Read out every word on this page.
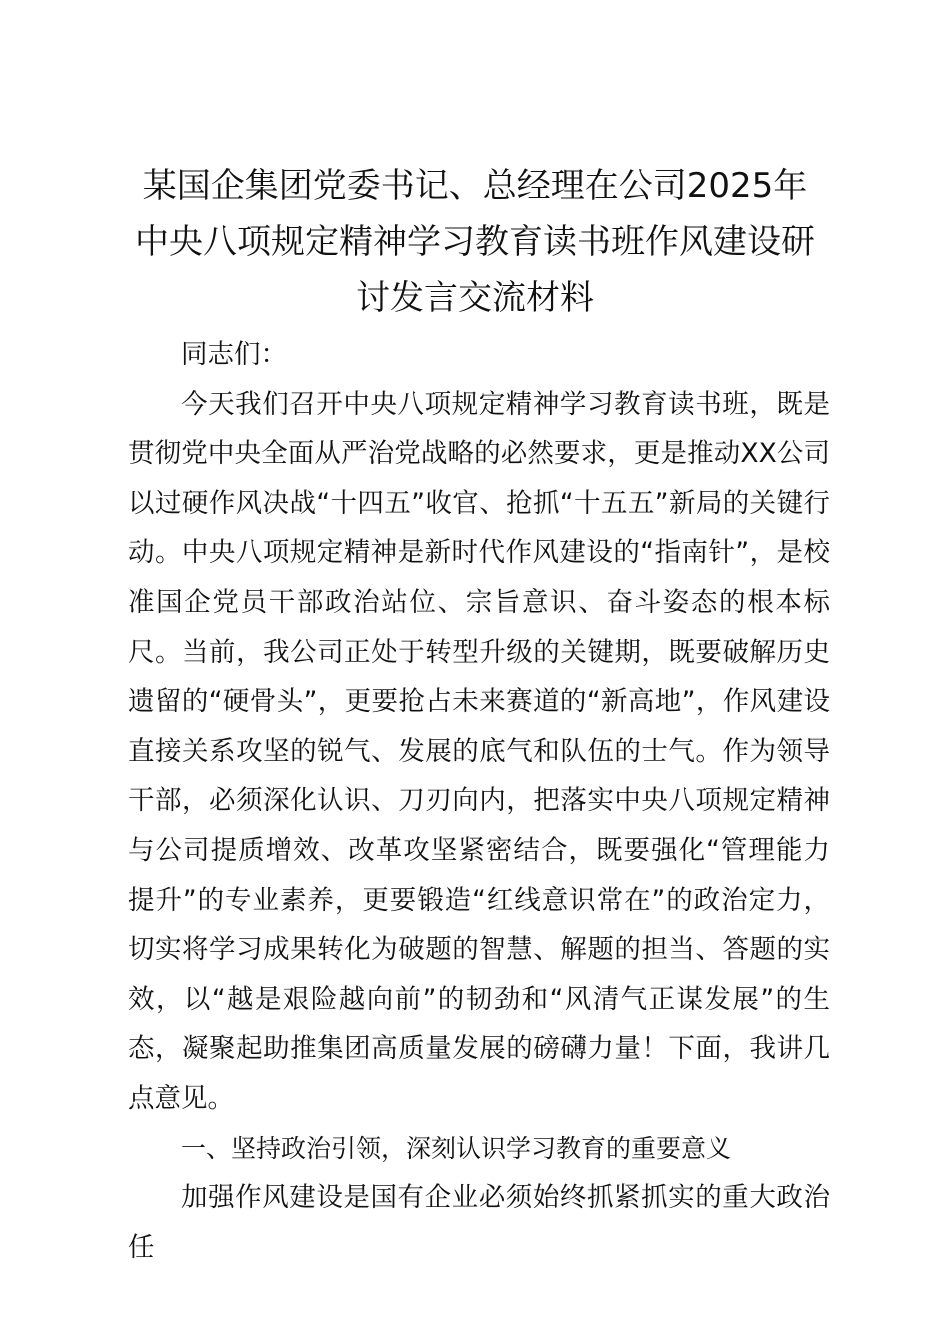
某国企集团党委书记、总经理在公司2025年
中央八项规定精神学习教育读书班作风建设研
讨发言交流材料

同志们：

今天我们召开中央八项规定精神学习教育读书班，既是贯彻党中央全面从严治党战略的必然要求，更是推动XX公司以过硬作风决战“十四五”收官、抢抓“十五五”新局的关键行动。中央八项规定精神是新时代作风建设的“指南针”，是校准国企党员干部政治站位、宗旨意识、奋斗姿态的根本标尺。当前，我公司正处于转型升级的关键期，既要破解历史遗留的“硬骨头”，更要抢占未来赛道的“新高地”，作风建设直接关系攻坚的锐气、发展的底气和队伍的士气。作为领导干部，必须深化认识、刀刃向内，把落实中央八项规定精神与公司提质增效、改革攻坚紧密结合，既要强化“管理能力提升”的专业素养，更要锻造“红线意识常在”的政治定力，切实将学习成果转化为破题的智慧、解题的担当、答题的实效，以“越是艰险越向前”的韧劲和“风清气正谋发展”的生态，凝聚起助推集团高质量发展的磅礴力量！下面，我讲几点意见。

一、坚持政治引领，深刻认识学习教育的重要意义

加强作风建设是国有企业必须始终抓紧抓实的重大政治任
